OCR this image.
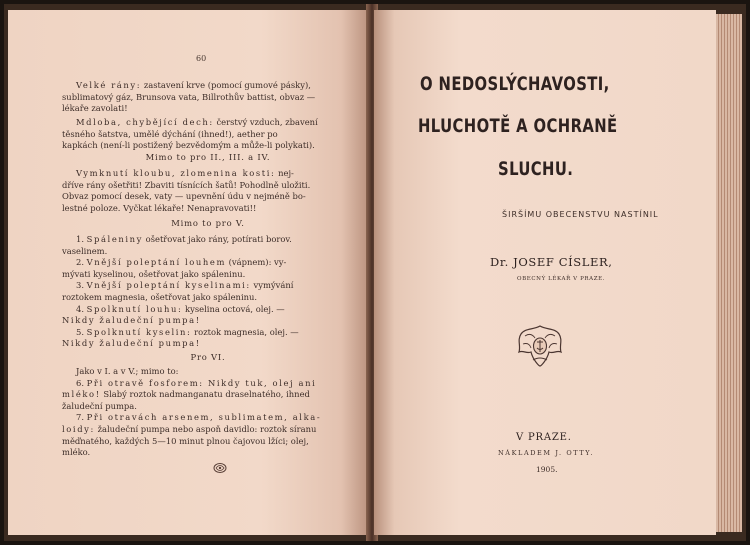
60
Velké rány: zastavení krve (pomocí gumové pásky),
sublimatový gáz, Brunsova vata, Billrothův battist, obvaz —
lékaře zavolati!
Mdloba, chybějící dech: čerstvý vzduch, zbavení
těsného šatstva, umělé dýchání (ihned!), aether po
kapkách (není-li postižený bezvědomým a může-li polykati).
Mimo to pro II., III. a IV.
Vymknutí kloubu, zlomenina kosti: nej-
dříve rány ošetřiti! Zbaviti tísnících šatů! Pohodlně uložiti.
Obvaz pomocí desek, vaty — upevnění údu v nejméně bo-
lestné poloze. Vyčkat lékaře! Nenapravovati!!
Mimo to pro V.
1. Spáleniny ošetřovat jako rány, potírati borov.
vaselinem.
2. Vnější poleptání louhem (vápnem): vy-
mývati kyselinou, ošetřovat jako spáleninu.
3. Vnější poleptání kyselinami: vymývání
roztokem magnesia, ošetřovat jako spáleninu.
4. Spolknutí louhu: kyselina octová, olej. —
Nikdy žaludeční pumpa!
5. Spolknutí kyselin: roztok magnesia, olej. —
Nikdy žaludeční pumpa!
Pro VI.
Jako v I. a v V.; mimo to:
6. Při otravě fosforem: Nikdy tuk, olej ani
mléko! Slabý roztok nadmanganatu draselnatého, ihned
žaludeční pumpa.
7. Při otravách arsenem, sublimatem, alka-
loidy: žaludeční pumpa nebo aspoň davidlo: roztok síranu
měďnatého, každých 5—10 minut plnou čajovou lžíci; olej,
mléko.
O NEDOSLÝCHAVOSTI,
HLUCHOTĚ A OCHRANĚ
SLUCHU.
ŠIRŠÍMU OBECENSTVU NASTÍNIL
Dr. JOSEF CÍSLER,
OBECNÝ LÉKAŘ V PRAZE.
V PRAZE.
NÁKLADEM J. OTTY.
1905.
